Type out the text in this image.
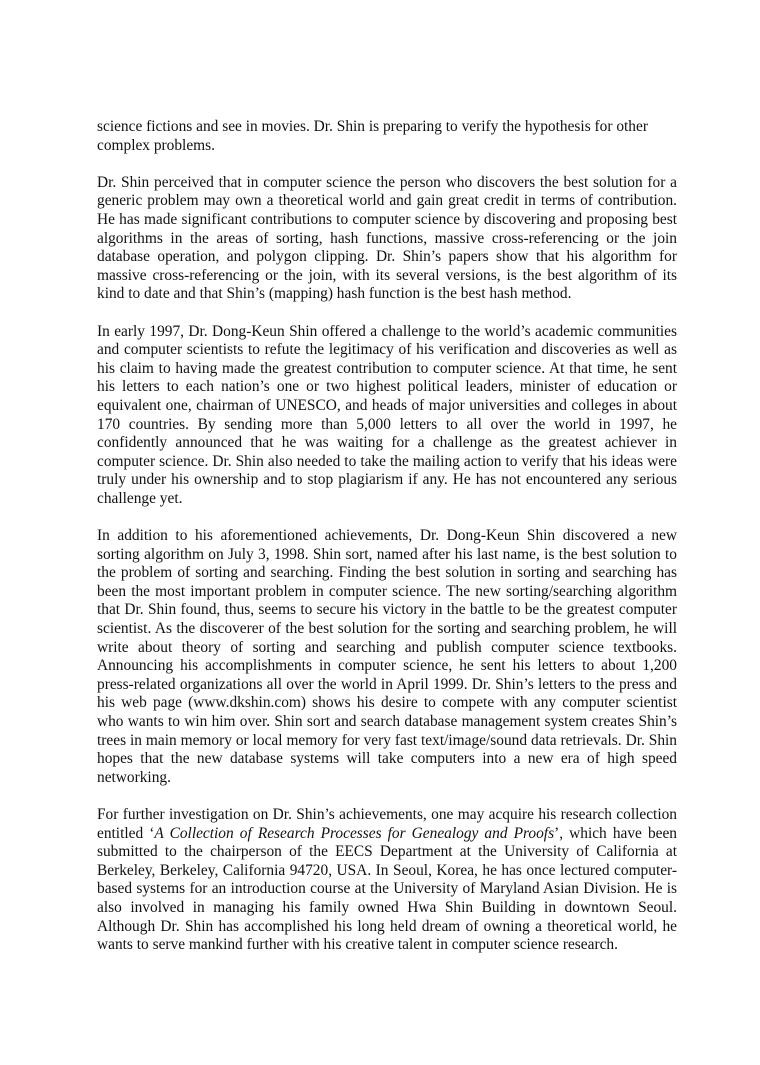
science fictions and see in movies. Dr. Shin is preparing to verify the hypothesis for other complex problems.

Dr. Shin perceived that in computer science the person who discovers the best solution for a generic problem may own a theoretical world and gain great credit in terms of contribution. He has made significant contributions to computer science by discovering and proposing best algorithms in the areas of sorting, hash functions, massive cross-referencing or the join database operation, and polygon clipping. Dr. Shin’s papers show that his algorithm for massive cross-referencing or the join, with its several versions, is the best algorithm of its kind to date and that Shin’s (mapping) hash function is the best hash method.

In early 1997, Dr. Dong-Keun Shin offered a challenge to the world’s academic communities and computer scientists to refute the legitimacy of his verification and discoveries as well as his claim to having made the greatest contribution to computer science. At that time, he sent his letters to each nation’s one or two highest political leaders, minister of education or equivalent one, chairman of UNESCO, and heads of major universities and colleges in about 170 countries. By sending more than 5,000 letters to all over the world in 1997, he confidently announced that he was waiting for a challenge as the greatest achiever in computer science. Dr. Shin also needed to take the mailing action to verify that his ideas were truly under his ownership and to stop plagiarism if any. He has not encountered any serious challenge yet.

In addition to his aforementioned achievements, Dr. Dong-Keun Shin discovered a new sorting algorithm on July 3, 1998. Shin sort, named after his last name, is the best solution to the problem of sorting and searching. Finding the best solution in sorting and searching has been the most important problem in computer science. The new sorting/searching algorithm that Dr. Shin found, thus, seems to secure his victory in the battle to be the greatest computer scientist. As the discoverer of the best solution for the sorting and searching problem, he will write about theory of sorting and searching and publish computer science textbooks. Announcing his accomplishments in computer science, he sent his letters to about 1,200 press-related organizations all over the world in April 1999. Dr. Shin’s letters to the press and his web page (www.dkshin.com) shows his desire to compete with any computer scientist who wants to win him over. Shin sort and search database management system creates Shin’s trees in main memory or local memory for very fast text/image/sound data retrievals. Dr. Shin hopes that the new database systems will take computers into a new era of high speed networking.

For further investigation on Dr. Shin’s achievements, one may acquire his research collection entitled ‘A Collection of Research Processes for Genealogy and Proofs’, which have been submitted to the chairperson of the EECS Department at the University of California at Berkeley, Berkeley, California 94720, USA. In Seoul, Korea, he has once lectured computer-based systems for an introduction course at the University of Maryland Asian Division. He is also involved in managing his family owned Hwa Shin Building in downtown Seoul. Although Dr. Shin has accomplished his long held dream of owning a theoretical world, he wants to serve mankind further with his creative talent in computer science research.
